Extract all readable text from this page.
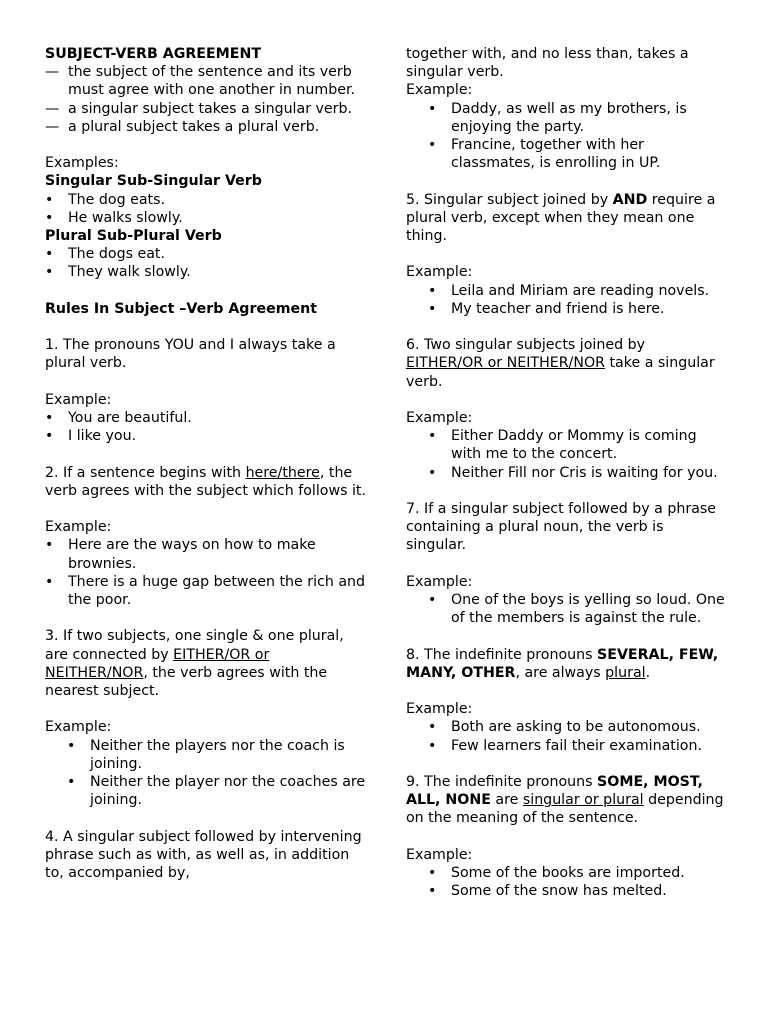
SUBJECT-VERB AGREEMENT

— the subject of the sentence and its verb must agree with one another in number.
— a singular subject takes a singular verb.
— a plural subject takes a plural verb.

Examples:

Singular Sub-Singular Verb

•	The dog eats.
•	He walks slowly.

Plural Sub-Plural Verb

•	The dogs eat.
•	They walk slowly.

Rules In Subject –Verb Agreement

1. The pronouns YOU and I always take a plural verb.

Example:

•	You are beautiful.
•	I like you.

2. If a sentence begins with here/there, the verb agrees with the subject which follows it.

Example:

•	Here are the ways on how to make brownies.
•	There is a huge gap between the rich and the poor.

3. If two subjects, one single & one plural, are connected by EITHER/OR or NEITHER/NOR, the verb agrees with the nearest subject.

Example:

•	Neither the players nor the coach is joining.
•	Neither the player nor the coaches are joining.

4. A singular subject followed by intervening phrase such as with, as well as, in addition to, accompanied by,

together with, and no less than, takes a singular verb.

Example:

•	Daddy, as well as my brothers, is enjoying the party.
•	Francine, together with her classmates, is enrolling in UP.

5. Singular subject joined by AND require a plural verb, except when they mean one thing.

Example:

•	Leila and Miriam are reading novels.
•	My teacher and friend is here.

6. Two singular subjects joined by EITHER/OR or NEITHER/NOR take a singular verb.

Example:

•	Either Daddy or Mommy is coming with me to the concert.
•	Neither Fill nor Cris is waiting for you.

7. If a singular subject followed by a phrase containing a plural noun, the verb is singular.

Example:

•	One of the boys is yelling so loud. One of the members is against the rule.

8. The indefinite pronouns SEVERAL, FEW, MANY, OTHER, are always plural.

Example:

•	Both are asking to be autonomous.
•	Few learners fail their examination.

9. The indefinite pronouns SOME, MOST, ALL, NONE are singular or plural depending on the meaning of the sentence.

Example:

•	Some of the books are imported.
•	Some of the snow has melted.
